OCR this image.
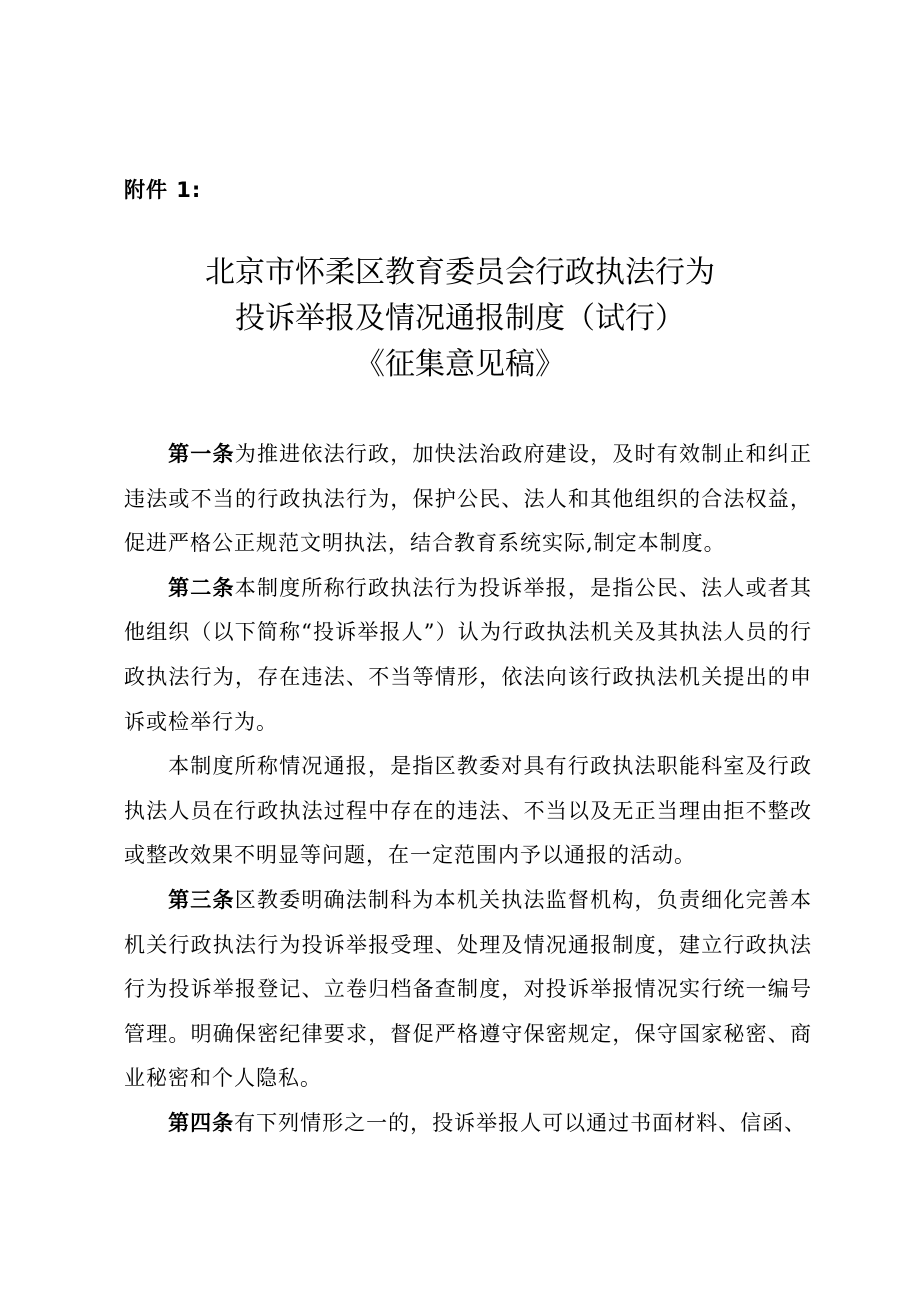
附件 1:
北京市怀柔区教育委员会行政执法行为
投诉举报及情况通报制度（试行）
《征集意见稿》

第一条为推进依法行政，加快法治政府建设，及时有效制止和纠正违法或不当的行政执法行为，保护公民、法人和其他组织的合法权益，促进严格公正规范文明执法，结合教育系统实际,制定本制度。

第二条本制度所称行政执法行为投诉举报，是指公民、法人或者其他组织（以下简称“投诉举报人”）认为行政执法机关及其执法人员的行政执法行为，存在违法、不当等情形，依法向该行政执法机关提出的申诉或检举行为。

本制度所称情况通报，是指区教委对具有行政执法职能科室及行政执法人员在行政执法过程中存在的违法、不当以及无正当理由拒不整改或整改效果不明显等问题，在一定范围内予以通报的活动。

第三条区教委明确法制科为本机关执法监督机构，负责细化完善本机关行政执法行为投诉举报受理、处理及情况通报制度，建立行政执法行为投诉举报登记、立卷归档备查制度，对投诉举报情况实行统一编号管理。明确保密纪律要求，督促严格遵守保密规定，保守国家秘密、商业秘密和个人隐私。

第四条有下列情形之一的，投诉举报人可以通过书面材料、信函、
